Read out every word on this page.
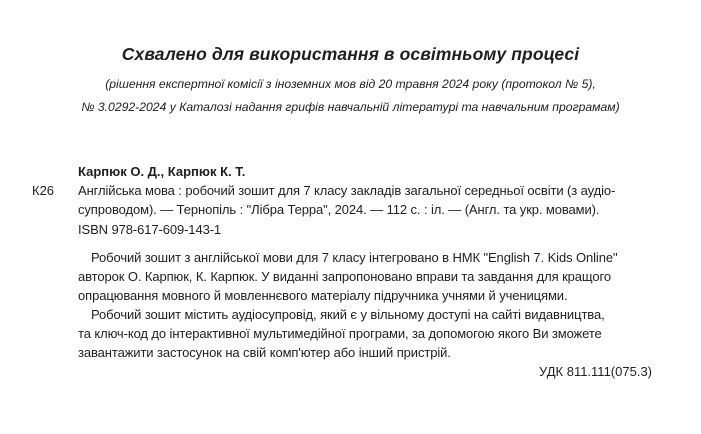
Схвалено для використання в освітньому процесі
(рішення експертної комісії з іноземних мов від 20 травня 2024 року (протокол № 5),
№ 3.0292-2024 у Каталозі надання грифів навчальній літературі та навчальним програмам)
Карпюк О. Д., Карпюк К. Т.
К26 Англійська мова : робочий зошит для 7 класу закладів загальної середньої освіти (з аудіо-
супроводом). — Тернопіль : "Лібра Терра", 2024. — 112 с. : іл. — (Англ. та укр. мовами).
ISBN 978-617-609-143-1
Робочий зошит з англійської мови для 7 класу інтегровано в НМК "English 7. Kids Online"
авторок О. Карпюк, К. Карпюк. У виданні запропоновано вправи та завдання для кращого
опрацювання мовного й мовленнєвого матеріалу підручника учнями й ученицями.
Робочий зошит містить аудіосупровід, який є у вільному доступі на сайті видавництва,
та ключ-код до інтерактивної мультимедійної програми, за допомогою якого Ви зможете
завантажити застосунок на свій комп'ютер або інший пристрій.
УДК 811.111(075.3)
